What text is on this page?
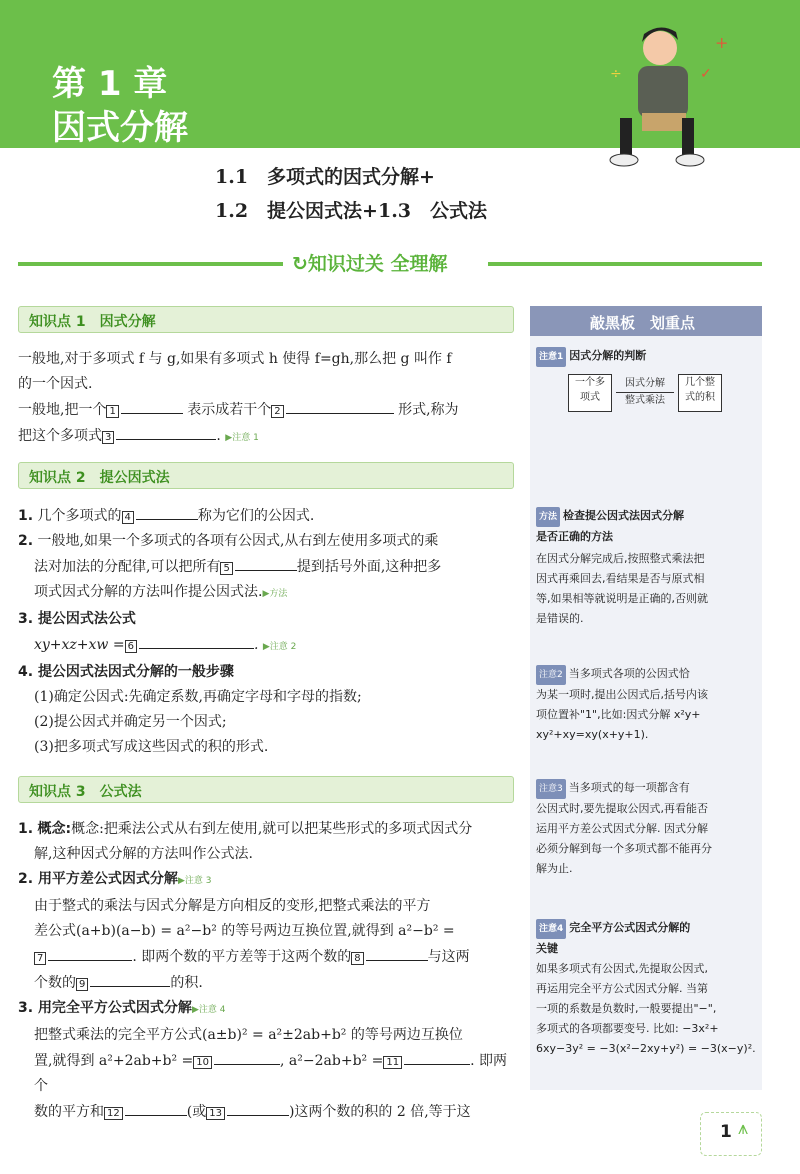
第 1 章
因式分解
+
÷	✓
1.1　多项式的因式分解+
1.2　提公因式法+1.3　公式法
↻知识过关 全理解
知识点 1　因式分解
一般地,对于多项式 f 与 g,如果有多项式 h 使得 f=gh,那么把 g 叫作 f
的一个因式.
一般地,把一个 1	表示成若干个 2	形式,称为
把这个多项式 3	. ▶注意 1
知识点 2　提公因式法
1. 几个多项式的 4	称为它们的公因式.
2. 一般地,如果一个多项式的各项有公因式,从右到左使用多项式的乘
法对加法的分配律,可以把所有 5	提到括号外面,这种把多
项式因式分解的方法叫作提公因式法.▶方法
3. 提公因式法公式
xy+xz+xw = 6	. ▶注意 2
4. 提公因式法因式分解的一般步骤
(1)确定公因式:先确定系数,再确定字母和字母的指数;
(2)提公因式并确定另一个因式;
(3)把多项式写成这些因式的积的形式.
知识点 3　公式法
1. 概念:概念:把乘法公式从右到左使用,就可以把某些形式的多项式因式分
解,这种因式分解的方法叫作公式法.
2. 用平方差公式因式分解▶注意 3
由于整式的乘法与因式分解是方向相反的变形,把整式乘法的平方
差公式(a+b)(a−b) = a²−b² 的等号两边互换位置,就得到 a²−b² =
7	. 即两个数的平方差等于这两个数的 8	与这两
个数的 9	的积.
3. 用完全平方公式因式分解▶注意 4
把整式乘法的完全平方公式(a±b)² = a²±2ab+b² 的等号两边互换位
置,就得到 a²+2ab+b² = 10	, a²−2ab+b² = 11	. 即两个
数的平方和 12	(或 13	)这两个数的积的 2 倍,等于这
敲黑板　划重点
注意1 因式分解的判断
一个多
项式
因式分解
整式乘法
几个整
式的积
方法 检查提公因式法因式分解
是否正确的方法
在因式分解完成后,按照整式乘法把
因式再乘回去,看结果是否与原式相
等,如果相等就说明是正确的,否则就
是错误的.
注意2 当多项式各项的公因式恰
为某一项时,提出公因式后,括号内该
项位置补"1",比如:因式分解 x²y+
xy²+xy=xy(x+y+1).
注意3 当多项式的每一项都含有
公因式时,要先提取公因式,再看能否
运用平方差公式因式分解. 因式分解
必须分解到每一个多项式都不能再分
解为止.
注意4 完全平方公式因式分解的
关键
如果多项式有公因式,先提取公因式,
再运用完全平方公式因式分解. 当第
一项的系数是负数时,一般要提出"−",
多项式的各项都要变号. 比如: −3x²+
6xy−3y² = −3(x²−2xy+y²) = −3(x−y)².
1 ⩚
